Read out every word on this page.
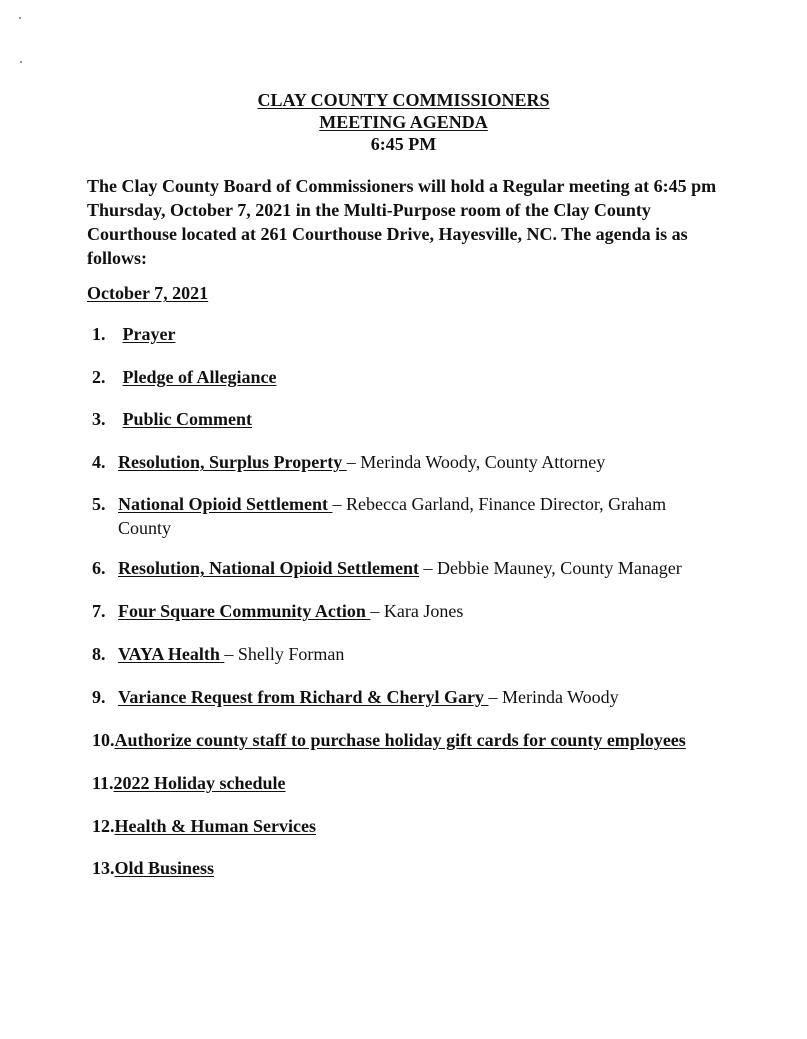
CLAY COUNTY COMMISSIONERS
MEETING AGENDA
6:45 PM
The Clay County Board of Commissioners will hold a Regular meeting at 6:45 pm Thursday, October 7, 2021 in the Multi-Purpose room of the Clay County Courthouse located at 261 Courthouse Drive, Hayesville, NC. The agenda is as follows:
October 7, 2021
1. Prayer
2. Pledge of Allegiance
3. Public Comment
4. Resolution, Surplus Property – Merinda Woody, County Attorney
5. National Opioid Settlement – Rebecca Garland, Finance Director, Graham
County
6. Resolution, National Opioid Settlement – Debbie Mauney, County Manager
7. Four Square Community Action – Kara Jones
8. VAYA Health – Shelly Forman
9. Variance Request from Richard & Cheryl Gary – Merinda Woody
10.Authorize county staff to purchase holiday gift cards for county employees
11.2022 Holiday schedule
12.Health & Human Services
13.Old Business
